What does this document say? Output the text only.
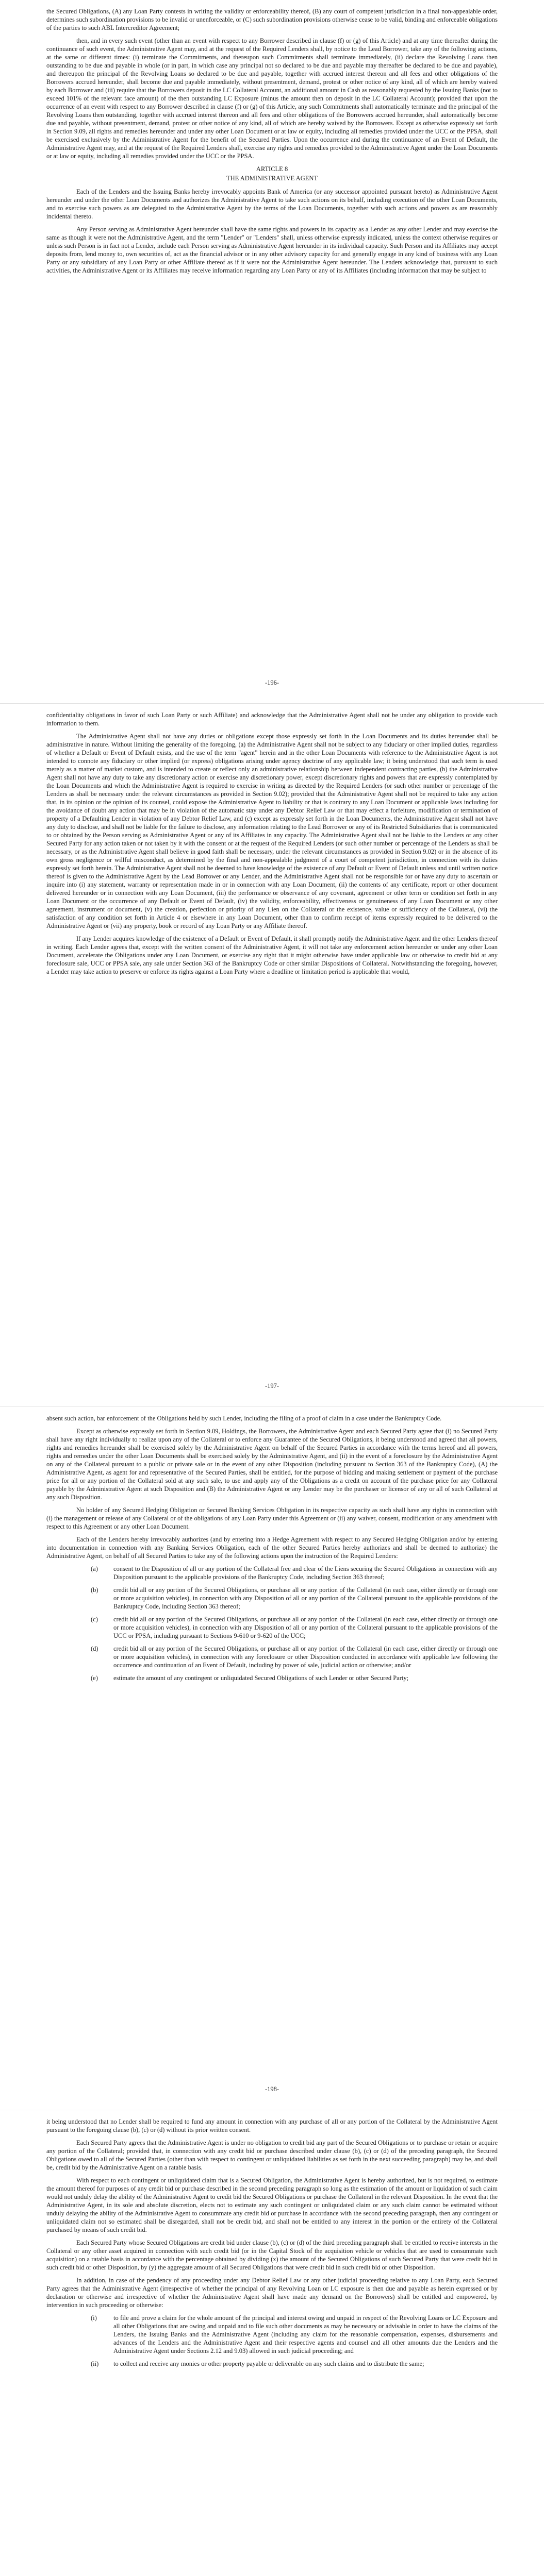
the Secured Obligations, (A) any Loan Party contests in writing the validity or enforceability thereof, (B) any court of competent jurisdiction in a final non-appealable order, determines such subordination provisions to be invalid or unenforceable, or (C) such subordination provisions otherwise cease to be valid, binding and enforceable obligations of the parties to such ABL Intercreditor Agreement;

then, and in every such event (other than an event with respect to any Borrower described in clause (f) or (g) of this Article) and at any time thereafter during the continuance of such event, the Administrative Agent may, and at the request of the Required Lenders shall, by notice to the Lead Borrower, take any of the following actions, at the same or different times: (i) terminate the Commitments, and thereupon such Commitments shall terminate immediately, (ii) declare the Revolving Loans then outstanding to be due and payable in whole (or in part, in which case any principal not so declared to be due and payable may thereafter be declared to be due and payable), and thereupon the principal of the Revolving Loans so declared to be due and payable, together with accrued interest thereon and all fees and other obligations of the Borrowers accrued hereunder, shall become due and payable immediately, without presentment, demand, protest or other notice of any kind, all of which are hereby waived by each Borrower and (iii) require that the Borrowers deposit in the LC Collateral Account, an additional amount in Cash as reasonably requested by the Issuing Banks (not to exceed 101% of the relevant face amount) of the then outstanding LC Exposure (minus the amount then on deposit in the LC Collateral Account); provided that upon the occurrence of an event with respect to any Borrower described in clause (f) or (g) of this Article, any such Commitments shall automatically terminate and the principal of the Revolving Loans then outstanding, together with accrued interest thereon and all fees and other obligations of the Borrowers accrued hereunder, shall automatically become due and payable, without presentment, demand, protest or other notice of any kind, all of which are hereby waived by the Borrowers. Except as otherwise expressly set forth in Section 9.09, all rights and remedies hereunder and under any other Loan Document or at law or equity, including all remedies provided under the UCC or the PPSA, shall be exercised exclusively by the Administrative Agent for the benefit of the Secured Parties. Upon the occurrence and during the continuance of an Event of Default, the Administrative Agent may, and at the request of the Required Lenders shall, exercise any rights and remedies provided to the Administrative Agent under the Loan Documents or at law or equity, including all remedies provided under the UCC or the PPSA.

ARTICLE 8
THE ADMINISTRATIVE AGENT

Each of the Lenders and the Issuing Banks hereby irrevocably appoints Bank of America (or any successor appointed pursuant hereto) as Administrative Agent hereunder and under the other Loan Documents and authorizes the Administrative Agent to take such actions on its behalf, including execution of the other Loan Documents, and to exercise such powers as are delegated to the Administrative Agent by the terms of the Loan Documents, together with such actions and powers as are reasonably incidental thereto.

Any Person serving as Administrative Agent hereunder shall have the same rights and powers in its capacity as a Lender as any other Lender and may exercise the same as though it were not the Administrative Agent, and the term "Lender" or "Lenders" shall, unless otherwise expressly indicated, unless the context otherwise requires or unless such Person is in fact not a Lender, include each Person serving as Administrative Agent hereunder in its individual capacity. Such Person and its Affiliates may accept deposits from, lend money to, own securities of, act as the financial advisor or in any other advisory capacity for and generally engage in any kind of business with any Loan Party or any subsidiary of any Loan Party or other Affiliate thereof as if it were not the Administrative Agent hereunder. The Lenders acknowledge that, pursuant to such activities, the Administrative Agent or its Affiliates may receive information regarding any Loan Party or any of its Affiliates (including information that may be subject to

-196-

confidentiality obligations in favor of such Loan Party or such Affiliate) and acknowledge that the Administrative Agent shall not be under any obligation to provide such information to them.

The Administrative Agent shall not have any duties or obligations except those expressly set forth in the Loan Documents and its duties hereunder shall be administrative in nature. Without limiting the generality of the foregoing, (a) the Administrative Agent shall not be subject to any fiduciary or other implied duties, regardless of whether a Default or Event of Default exists, and the use of the term "agent" herein and in the other Loan Documents with reference to the Administrative Agent is not intended to connote any fiduciary or other implied (or express) obligations arising under agency doctrine of any applicable law; it being understood that such term is used merely as a matter of market custom, and is intended to create or reflect only an administrative relationship between independent contracting parties, (b) the Administrative Agent shall not have any duty to take any discretionary action or exercise any discretionary power, except discretionary rights and powers that are expressly contemplated by the Loan Documents and which the Administrative Agent is required to exercise in writing as directed by the Required Lenders (or such other number or percentage of the Lenders as shall be necessary under the relevant circumstances as provided in Section 9.02); provided that the Administrative Agent shall not be required to take any action that, in its opinion or the opinion of its counsel, could expose the Administrative Agent to liability or that is contrary to any Loan Document or applicable laws including for the avoidance of doubt any action that may be in violation of the automatic stay under any Debtor Relief Law or that may effect a forfeiture, modification or termination of property of a Defaulting Lender in violation of any Debtor Relief Law, and (c) except as expressly set forth in the Loan Documents, the Administrative Agent shall not have any duty to disclose, and shall not be liable for the failure to disclose, any information relating to the Lead Borrower or any of its Restricted Subsidiaries that is communicated to or obtained by the Person serving as Administrative Agent or any of its Affiliates in any capacity. The Administrative Agent shall not be liable to the Lenders or any other Secured Party for any action taken or not taken by it with the consent or at the request of the Required Lenders (or such other number or percentage of the Lenders as shall be necessary, or as the Administrative Agent shall believe in good faith shall be necessary, under the relevant circumstances as provided in Section 9.02) or in the absence of its own gross negligence or willful misconduct, as determined by the final and non-appealable judgment of a court of competent jurisdiction, in connection with its duties expressly set forth herein. The Administrative Agent shall not be deemed to have knowledge of the existence of any Default or Event of Default unless and until written notice thereof is given to the Administrative Agent by the Lead Borrower or any Lender, and the Administrative Agent shall not be responsible for or have any duty to ascertain or inquire into (i) any statement, warranty or representation made in or in connection with any Loan Document, (ii) the contents of any certificate, report or other document delivered hereunder or in connection with any Loan Document, (iii) the performance or observance of any covenant, agreement or other term or condition set forth in any Loan Document or the occurrence of any Default or Event of Default, (iv) the validity, enforceability, effectiveness or genuineness of any Loan Document or any other agreement, instrument or document, (v) the creation, perfection or priority of any Lien on the Collateral or the existence, value or sufficiency of the Collateral, (vi) the satisfaction of any condition set forth in Article 4 or elsewhere in any Loan Document, other than to confirm receipt of items expressly required to be delivered to the Administrative Agent or (vii) any property, book or record of any Loan Party or any Affiliate thereof.

If any Lender acquires knowledge of the existence of a Default or Event of Default, it shall promptly notify the Administrative Agent and the other Lenders thereof in writing. Each Lender agrees that, except with the written consent of the Administrative Agent, it will not take any enforcement action hereunder or under any other Loan Document, accelerate the Obligations under any Loan Document, or exercise any right that it might otherwise have under applicable law or otherwise to credit bid at any foreclosure sale, UCC or PPSA sale, any sale under Section 363 of the Bankruptcy Code or other similar Dispositions of Collateral. Notwithstanding the foregoing, however, a Lender may take action to preserve or enforce its rights against a Loan Party where a deadline or limitation period is applicable that would,

-197-

absent such action, bar enforcement of the Obligations held by such Lender, including the filing of a proof of claim in a case under the Bankruptcy Code.

Except as otherwise expressly set forth in Section 9.09, Holdings, the Borrowers, the Administrative Agent and each Secured Party agree that (i) no Secured Party shall have any right individually to realize upon any of the Collateral or to enforce any Guarantee of the Secured Obligations, it being understood and agreed that all powers, rights and remedies hereunder shall be exercised solely by the Administrative Agent on behalf of the Secured Parties in accordance with the terms hereof and all powers, rights and remedies under the other Loan Documents shall be exercised solely by the Administrative Agent, and (ii) in the event of a foreclosure by the Administrative Agent on any of the Collateral pursuant to a public or private sale or in the event of any other Disposition (including pursuant to Section 363 of the Bankruptcy Code), (A) the Administrative Agent, as agent for and representative of the Secured Parties, shall be entitled, for the purpose of bidding and making settlement or payment of the purchase price for all or any portion of the Collateral sold at any such sale, to use and apply any of the Obligations as a credit on account of the purchase price for any Collateral payable by the Administrative Agent at such Disposition and (B) the Administrative Agent or any Lender may be the purchaser or licensor of any or all of such Collateral at any such Disposition.

No holder of any Secured Hedging Obligation or Secured Banking Services Obligation in its respective capacity as such shall have any rights in connection with (i) the management or release of any Collateral or of the obligations of any Loan Party under this Agreement or (ii) any waiver, consent, modification or any amendment with respect to this Agreement or any other Loan Document.

Each of the Lenders hereby irrevocably authorizes (and by entering into a Hedge Agreement with respect to any Secured Hedging Obligation and/or by entering into documentation in connection with any Banking Services Obligation, each of the other Secured Parties hereby authorizes and shall be deemed to authorize) the Administrative Agent, on behalf of all Secured Parties to take any of the following actions upon the instruction of the Required Lenders:

(a) consent to the Disposition of all or any portion of the Collateral free and clear of the Liens securing the Secured Obligations in connection with any Disposition pursuant to the applicable provisions of the Bankruptcy Code, including Section 363 thereof;
(b) credit bid all or any portion of the Secured Obligations, or purchase all or any portion of the Collateral (in each case, either directly or through one or more acquisition vehicles), in connection with any Disposition of all or any portion of the Collateral pursuant to the applicable provisions of the Bankruptcy Code, including Section 363 thereof;
(c) credit bid all or any portion of the Secured Obligations, or purchase all or any portion of the Collateral (in each case, either directly or through one or more acquisition vehicles), in connection with any Disposition of all or any portion of the Collateral pursuant to the applicable provisions of the UCC or PPSA, including pursuant to Sections 9-610 or 9-620 of the UCC;
(d) credit bid all or any portion of the Secured Obligations, or purchase all or any portion of the Collateral (in each case, either directly or through one or more acquisition vehicles), in connection with any foreclosure or other Disposition conducted in accordance with applicable law following the occurrence and continuation of an Event of Default, including by power of sale, judicial action or otherwise; and/or
(e) estimate the amount of any contingent or unliquidated Secured Obligations of such Lender or other Secured Party;
-198-

it being understood that no Lender shall be required to fund any amount in connection with any purchase of all or any portion of the Collateral by the Administrative Agent pursuant to the foregoing clause (b), (c) or (d) without its prior written consent.

Each Secured Party agrees that the Administrative Agent is under no obligation to credit bid any part of the Secured Obligations or to purchase or retain or acquire any portion of the Collateral; provided that, in connection with any credit bid or purchase described under clause (b), (c) or (d) of the preceding paragraph, the Secured Obligations owed to all of the Secured Parties (other than with respect to contingent or unliquidated liabilities as set forth in the next succeeding paragraph) may be, and shall be, credit bid by the Administrative Agent on a ratable basis.

With respect to each contingent or unliquidated claim that is a Secured Obligation, the Administrative Agent is hereby authorized, but is not required, to estimate the amount thereof for purposes of any credit bid or purchase described in the second preceding paragraph so long as the estimation of the amount or liquidation of such claim would not unduly delay the ability of the Administrative Agent to credit bid the Secured Obligations or purchase the Collateral in the relevant Disposition. In the event that the Administrative Agent, in its sole and absolute discretion, elects not to estimate any such contingent or unliquidated claim or any such claim cannot be estimated without unduly delaying the ability of the Administrative Agent to consummate any credit bid or purchase in accordance with the second preceding paragraph, then any contingent or unliquidated claim not so estimated shall be disregarded, shall not be credit bid, and shall not be entitled to any interest in the portion or the entirety of the Collateral purchased by means of such credit bid.

Each Secured Party whose Secured Obligations are credit bid under clause (b), (c) or (d) of the third preceding paragraph shall be entitled to receive interests in the Collateral or any other asset acquired in connection with such credit bid (or in the Capital Stock of the acquisition vehicle or vehicles that are used to consummate such acquisition) on a ratable basis in accordance with the percentage obtained by dividing (x) the amount of the Secured Obligations of such Secured Party that were credit bid in such credit bid or other Disposition, by (y) the aggregate amount of all Secured Obligations that were credit bid in such credit bid or other Disposition.

In addition, in case of the pendency of any proceeding under any Debtor Relief Law or any other judicial proceeding relative to any Loan Party, each Secured Party agrees that the Administrative Agent (irrespective of whether the principal of any Revolving Loan or LC exposure is then due and payable as herein expressed or by declaration or otherwise and irrespective of whether the Administrative Agent shall have made any demand on the Borrowers) shall be entitled and empowered, by intervention in such proceeding or otherwise:

(i)	to file and prove a claim for the whole amount of the principal and interest owing and unpaid in respect of the Revolving Loans or LC Exposure and all other Obligations that are owing and unpaid and to file such other documents as may be necessary or advisable in order to have the claims of the Lenders, the Issuing Banks and the Administrative Agent (including any claim for the reasonable compensation, expenses, disbursements and advances of the Lenders and the Administrative Agent and their respective agents and counsel and all other amounts due the Lenders and the Administrative Agent under Sections 2.12 and 9.03) allowed in such judicial proceeding; and
(ii) to collect and receive any monies or other property payable or deliverable on any such claims and to distribute the same;
